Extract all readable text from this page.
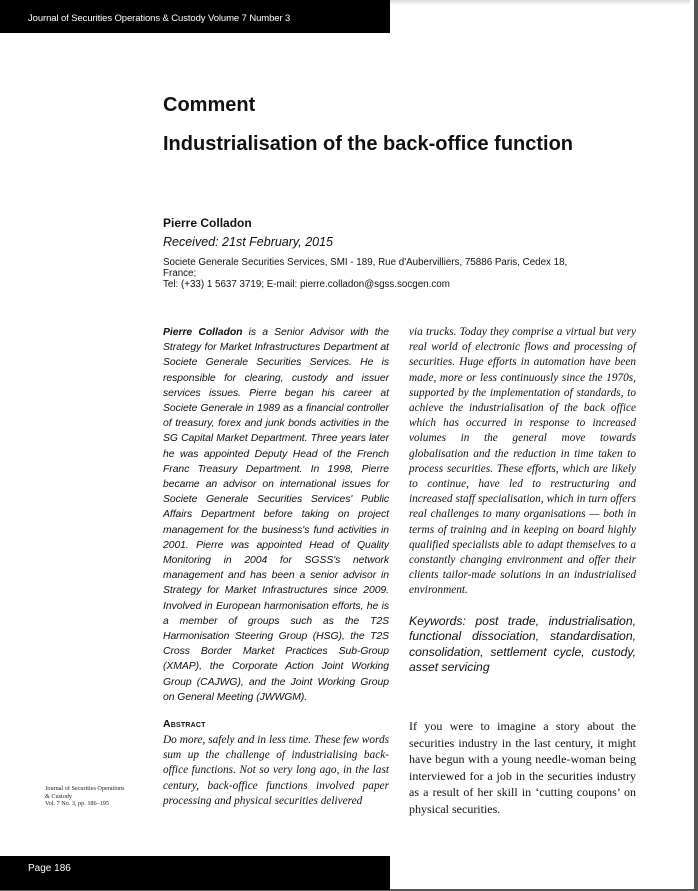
Journal of Securities Operations & Custody Volume 7 Number 3
Comment
Industrialisation of the back-office function
Pierre Colladon
Received: 21st February, 2015
Societe Generale Securities Services, SMI - 189, Rue d'Aubervilliers, 75886 Paris, Cedex 18, France;
Tel: (+33) 1 5637 3719; E-mail: pierre.colladon@sgss.socgen.com
Pierre Colladon is a Senior Advisor with the Strategy for Market Infrastructures Department at Societe Generale Securities Services. He is responsible for clearing, custody and issuer services issues. Pierre began his career at Societe Generale in 1989 as a financial controller of treasury, forex and junk bonds activities in the SG Capital Market Department. Three years later he was appointed Deputy Head of the French Franc Treasury Department. In 1998, Pierre became an advisor on international issues for Societe Generale Securities Services' Public Affairs Department before taking on project management for the business's fund activities in 2001. Pierre was appointed Head of Quality Monitoring in 2004 for SGSS's network management and has been a senior advisor in Strategy for Market Infrastructures since 2009. Involved in European harmonisation efforts, he is a member of groups such as the T2S Harmonisation Steering Group (HSG), the T2S Cross Border Market Practices Sub-Group (XMAP), the Corporate Action Joint Working Group (CAJWG), and the Joint Working Group on General Meeting (JWWGM).
via trucks. Today they comprise a virtual but very real world of electronic flows and processing of securities. Huge efforts in automation have been made, more or less continuously since the 1970s, supported by the implementation of standards, to achieve the industrialisation of the back office which has occurred in response to increased volumes in the general move towards globalisation and the reduction in time taken to process securities. These efforts, which are likely to continue, have led to restructuring and increased staff specialisation, which in turn offers real challenges to many organisations — both in terms of training and in keeping on board highly qualified specialists able to adapt themselves to a constantly changing environment and offer their clients tailor-made solutions in an industrialised environment.
Keywords: post trade, industrialisation, functional dissociation, standardisation, consolidation, settlement cycle, custody, asset servicing
Abstract
Do more, safely and in less time. These few words sum up the challenge of industrialising back-office functions. Not so very long ago, in the last century, back-office functions involved paper processing and physical securities delivered
If you were to imagine a story about the securities industry in the last century, it might have begun with a young needle-woman being interviewed for a job in the securities industry as a result of her skill in ‘cutting coupons’ on physical securities.
Journal of Securities Operations
& Custody
Vol. 7 No. 3, pp. 186–195
Page 186
